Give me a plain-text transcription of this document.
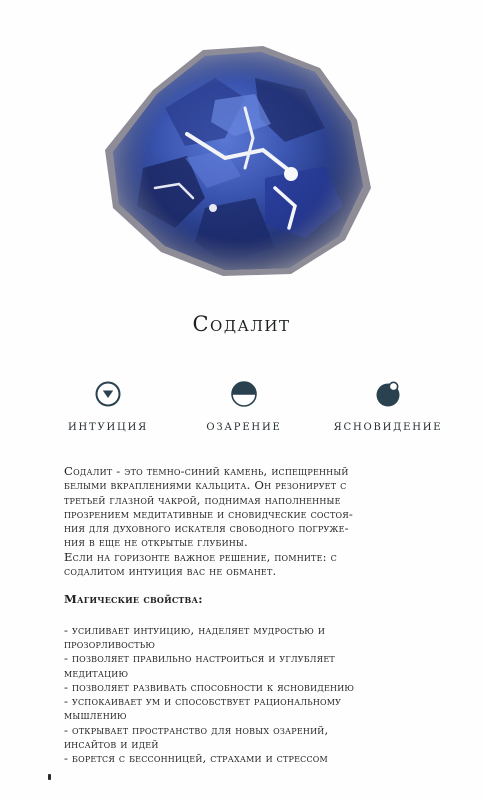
Содалит
интуиция	озарение	ясновидение

Содалит - это темно-синий камень, испещренный

белыми вкраплениями кальцита. Он резонирует с

третьей глазной чакрой, поднимая наполненные

прозрением медитативные и сновидческие состоя-

ния для духовного искателя свободного погруже-

ния в еще не открытые глубины.

Если на горизонте важное решение, помните: с

содалитом интуиция вас не обманет.

Магические свойства:

- усиливает интуицию, наделяет мудростью и

прозорливостью

- позволяет правильно настроиться и углубляет

медитацию

- позволяет развивать способности к ясновидению

- успокаивает ум и способствует рациональному

мышлению

- открывает пространство для новых озарений,

инсайтов и идей

- борется с бессонницей, страхами и стрессом
